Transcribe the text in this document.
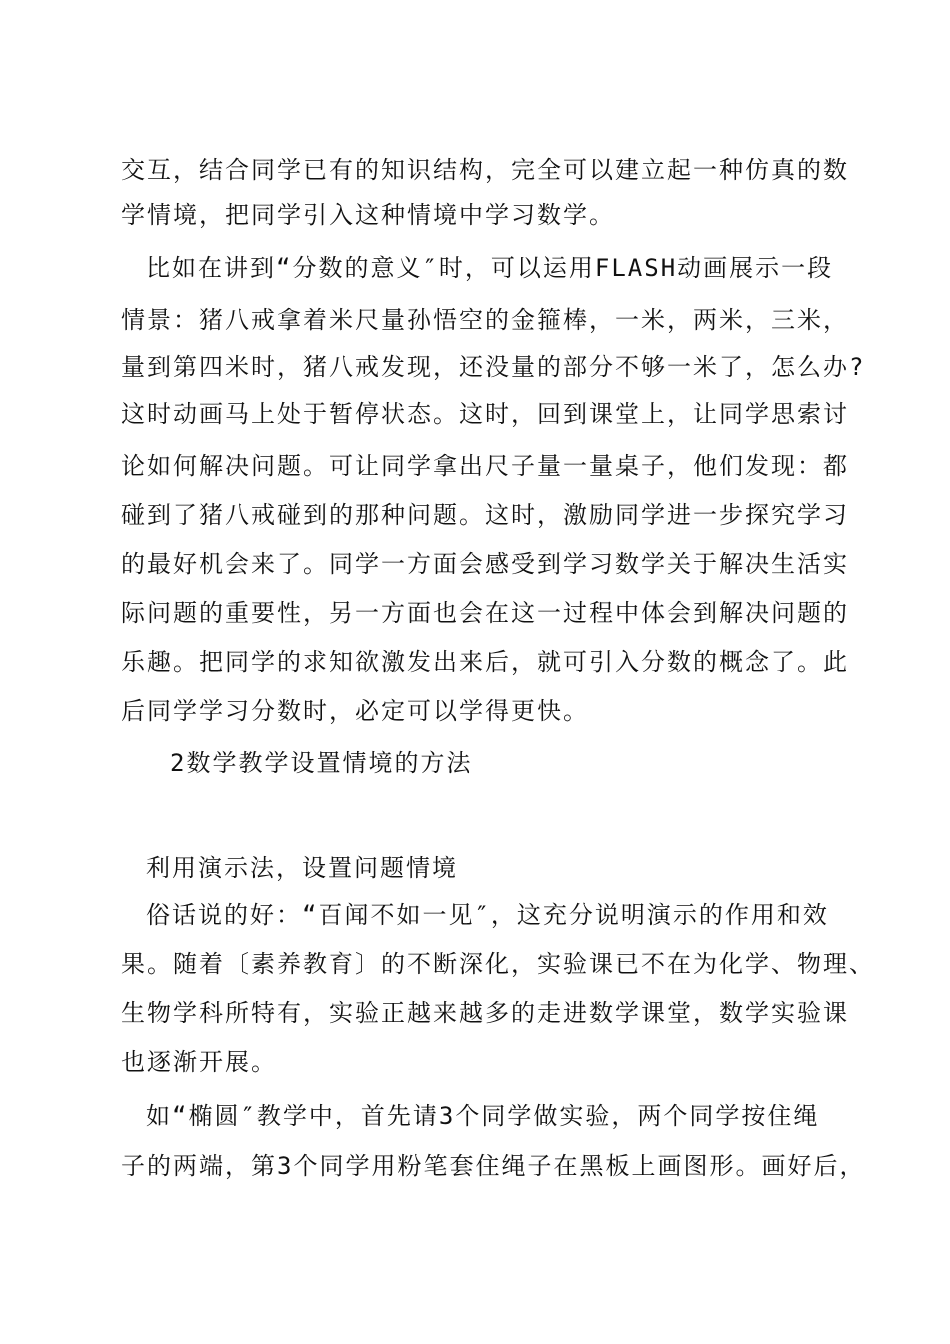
交互，结合同学已有的知识结构，完全可以建立起一种仿真的数
学情境，把同学引入这种情境中学习数学。
比如在讲到“分数的意义″时，可以运用FLASH动画展示一段
情景：猪八戒拿着米尺量孙悟空的金箍棒，一米，两米，三米，
量到第四米时，猪八戒发现，还没量的部分不够一米了，怎么办?
这时动画马上处于暂停状态。这时，回到课堂上，让同学思索讨
论如何解决问题。可让同学拿出尺子量一量桌子，他们发现：都
碰到了猪八戒碰到的那种问题。这时，激励同学进一步探究学习
的最好机会来了。同学一方面会感受到学习数学关于解决生活实
际问题的重要性，另一方面也会在这一过程中体会到解决问题的
乐趣。把同学的求知欲激发出来后，就可引入分数的概念了。此
后同学学习分数时，必定可以学得更快。
2数学教学设置情境的方法
利用演示法，设置问题情境
俗话说的好：“百闻不如一见″，这充分说明演示的作用和效
果。随着〔素养教育〕的不断深化，实验课已不在为化学、物理、
生物学科所特有，实验正越来越多的走进数学课堂，数学实验课
也逐渐开展。
如“椭圆″教学中，首先请3个同学做实验，两个同学按住绳
子的两端，第3个同学用粉笔套住绳子在黑板上画图形。画好后，
